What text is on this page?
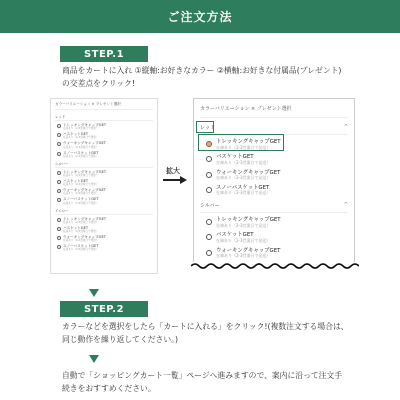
ご注文方法
STEP.1
商品をカートに入れ ①縦軸:お好きなカラー ②横軸:お好きな付属品(プレゼント)
の交差点をクリック!
カラーバリエーション × プレゼント選択
レッド
トレッキングキャップGET
在庫あり（2-3営業日で発送）
バスケットGET
在庫あり（2-3営業日で発送）
ウォーキングキャップGET
在庫あり（2-3営業日で発送）
スノーバスケットGET
在庫あり（2-3営業日で発送）
シルバー
トレッキングキャップGET
在庫あり（2-3営業日で発送）
バスケットGET
在庫あり（2-3営業日で発送）
ウォーキングキャップGET
在庫あり（2-3営業日で発送）
スノーバスケットGET
在庫あり（2-3営業日で発送）
イエロー
トレッキングキャップGET
在庫あり（2-3営業日で発送）
バスケットGET
在庫あり（2-3営業日で発送）
ウォーキングキャップGET
在庫あり（2-3営業日で発送）
スノーバスケットGET
在庫あり（2-3営業日で発送）
拡大
カラーバリエーション × プレゼント選択
レッド	^
トレッキングキャップGET
在庫あり（2-3営業日で発送）
バスケットGET
在庫あり（2-3営業日で発送）
ウォーキングキャップGET
在庫あり（2-3営業日で発送）
スノーバスケットGET
在庫あり（2-3営業日で発送）
シルバー	^
トレッキングキャップGET
在庫あり（2-3営業日で発送）
バスケットGET
在庫あり（2-3営業日で発送）
ウォーキングキャップGET
在庫あり（2-3営業日で発送）
STEP.2
カラーなどを選択をしたら「カートに入れる」をクリック!(複数注文する場合は、
同じ動作を繰り返してください。)
自動で「ショッピングカート一覧」ページへ進みますので、案内に沿って注文手
続きをおすすめください。
